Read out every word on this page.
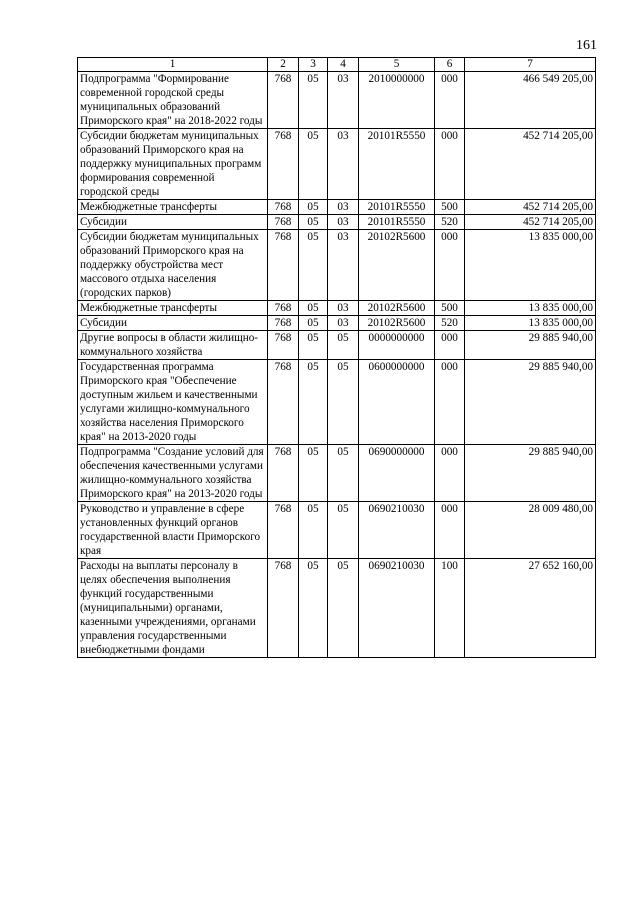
161
1	2	3	4	5	6	7
Подпрограмма "Формирование современной городской среды муниципальных образований Приморского края" на 2018-2022 годы	768	05	03	2010000000	000	466 549 205,00
Субсидии бюджетам муниципальных образований Приморского края на поддержку муниципальных программ формирования современной городской среды	768	05	03	20101R5550	000	452 714 205,00
Межбюджетные трансферты	768	05	03	20101R5550	500	452 714 205,00
Субсидии	768	05	03	20101R5550	520	452 714 205,00
Субсидии бюджетам муниципальных образований Приморского края на поддержку обустройства мест массового отдыха населения (городских парков)	768	05	03	20102R5600	000	13 835 000,00
Межбюджетные трансферты	768	05	03	20102R5600	500	13 835 000,00
Субсидии	768	05	03	20102R5600	520	13 835 000,00
Другие вопросы в области жилищно-коммунального хозяйства	768	05	05	0000000000	000	29 885 940,00
Государственная программа Приморского края "Обеспечение доступным жильем и качественными услугами жилищно-коммунального хозяйства населения Приморского края" на 2013-2020 годы	768	05	05	0600000000	000	29 885 940,00
Подпрограмма "Создание условий для обеспечения качественными услугами жилищно-коммунального хозяйства Приморского края" на 2013-2020 годы	768	05	05	0690000000	000	29 885 940,00
Руководство и управление в сфере установленных функций органов государственной власти Приморского края	768	05	05	0690210030	000	28 009 480,00
Расходы на выплаты персоналу в целях обеспечения выполнения функций государственными (муниципальными) органами, казенными учреждениями, органами управления государственными внебюджетными фондами	768	05	05	0690210030	100	27 652 160,00
